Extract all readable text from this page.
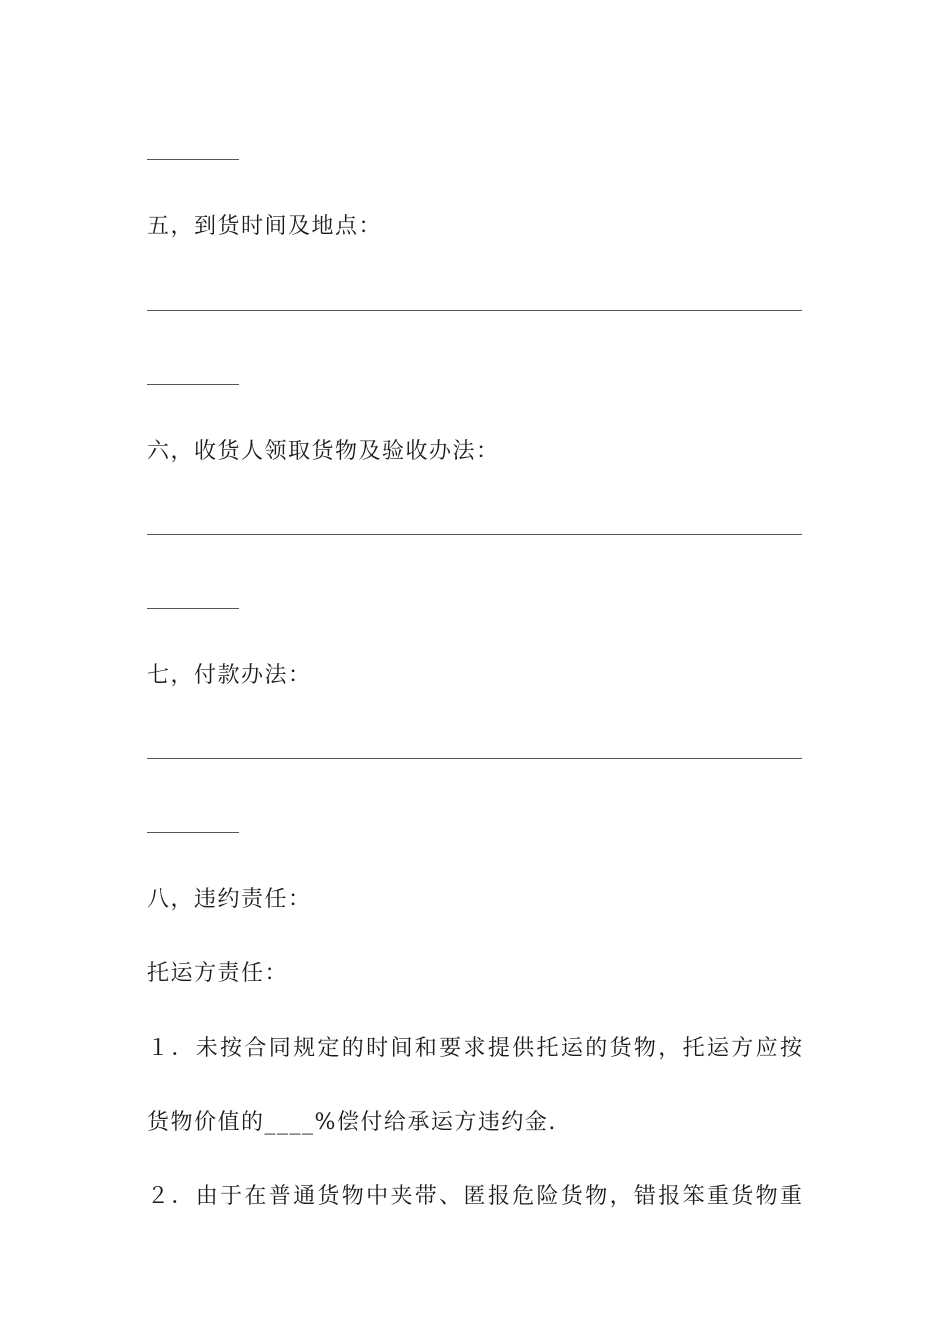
五，到货时间及地点：
六，收货人领取货物及验收办法：
七，付款办法：
八，违约责任：
托运方责任：
１．未按合同规定的时间和要求提供托运的货物，托运方应按
货物价值的____%偿付给承运方违约金.
２．由于在普通货物中夹带、匿报危险货物，错报笨重货物重
